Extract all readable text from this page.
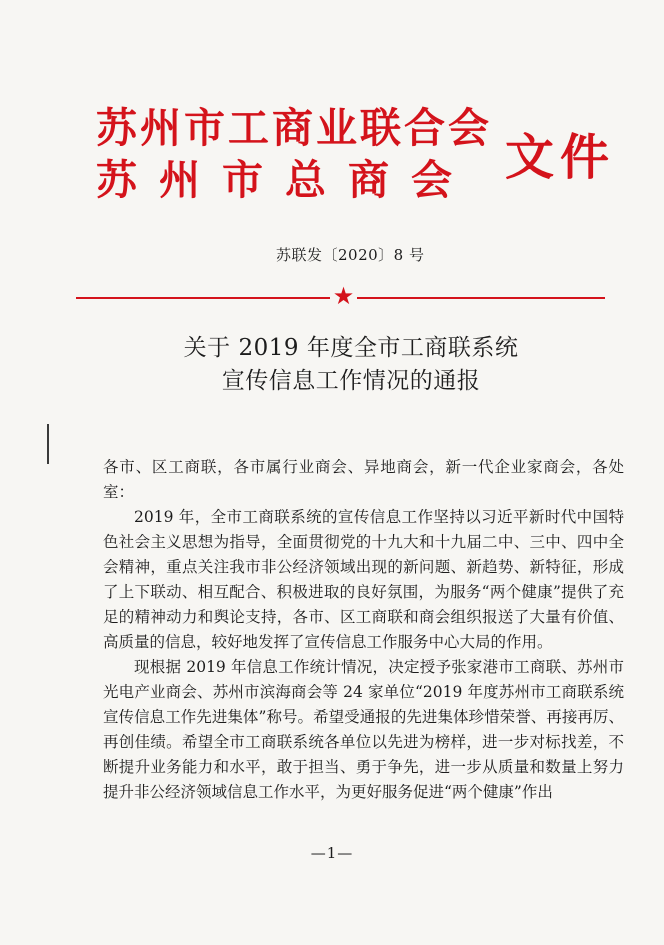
苏州市工商业联合会
苏州市总商会 文件
苏联发〔2020〕8 号
★
关于 2019 年度全市工商联系统
宣传信息工作情况的通报

各市、区工商联，各市属行业商会、异地商会，新一代企业家商会，各处室：

2019 年，全市工商联系统的宣传信息工作坚持以习近平新时代中国特色社会主义思想为指导，全面贯彻党的十九大和十九届二中、三中、四中全会精神，重点关注我市非公经济领域出现的新问题、新趋势、新特征，形成了上下联动、相互配合、积极进取的良好氛围，为服务“两个健康”提供了充足的精神动力和舆论支持，各市、区工商联和商会组织报送了大量有价值、高质量的信息，较好地发挥了宣传信息工作服务中心大局的作用。

现根据 2019 年信息工作统计情况，决定授予张家港市工商联、苏州市光电产业商会、苏州市滨海商会等 24 家单位“2019 年度苏州市工商联系统宣传信息工作先进集体”称号。希望受通报的先进集体珍惜荣誉、再接再厉、再创佳绩。希望全市工商联系统各单位以先进为榜样，进一步对标找差，不断提升业务能力和水平，敢于担当、勇于争先，进一步从质量和数量上努力提升非公经济领域信息工作水平，为更好服务促进“两个健康”作出

—1—
